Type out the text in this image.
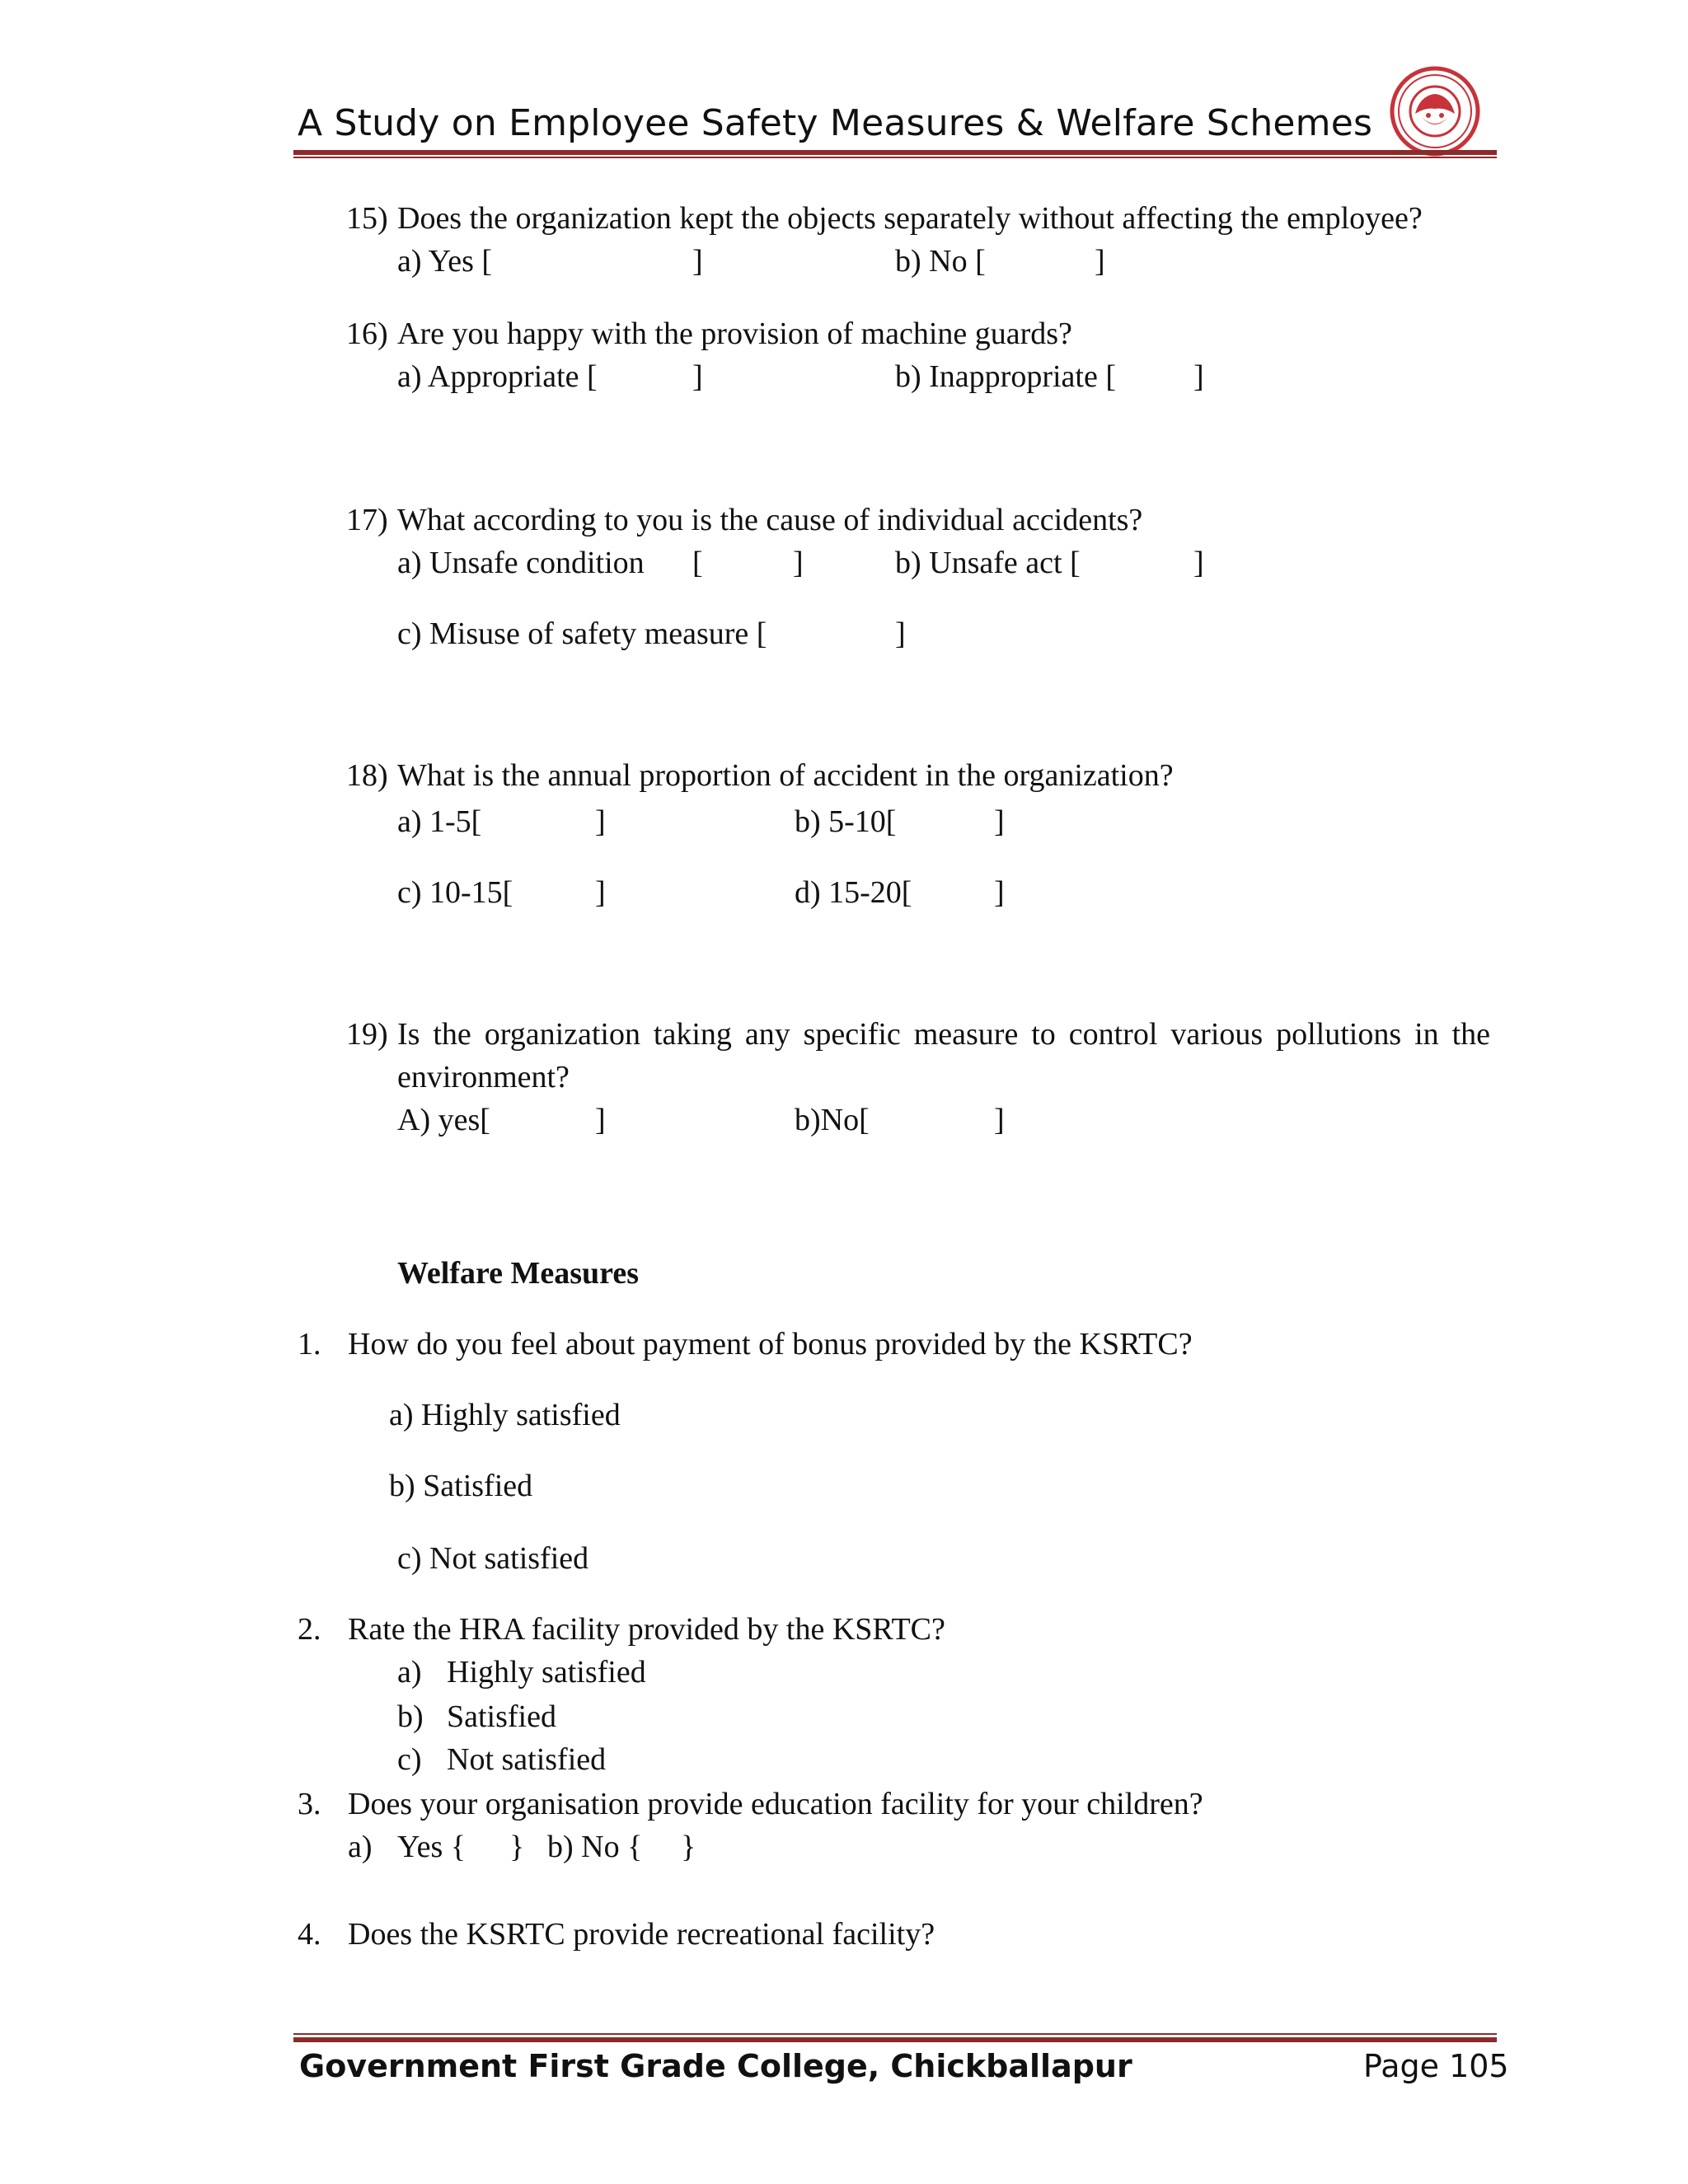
A Study on Employee Safety Measures & Welfare Schemes
15) Does the organization kept the objects separately without affecting the employee?
a) Yes [	]	b) No [	]
16) Are you happy with the provision of machine guards?
a) Appropriate [	]	b) Inappropriate [ ]
17) What according to you is the cause of individual accidents?
a) Unsafe condition [	]	b) Unsafe act [	]
c) Misuse of safety measure [	]
18) What is the annual proportion of accident in the organization?
a) 1-5[	]	b) 5-10[	]
c) 10-15[	]	d) 15-20[	]
19) Is the organization taking any specific measure to control various pollutions in the
environment?
A) yes[	]	b)No[	]
Welfare Measures
1. How do you feel about payment of bonus provided by the KSRTC?
a) Highly satisfied
b) Satisfied
c) Not satisfied
2. Rate the HRA facility provided by the KSRTC?
a) Highly satisfied
b) Satisfied
c) Not satisfied
3. Does your organisation provide education facility for your children?
a) Yes { } b) No { }
4. Does the KSRTC provide recreational facility?
Government First Grade College, Chickballapur	Page 105
